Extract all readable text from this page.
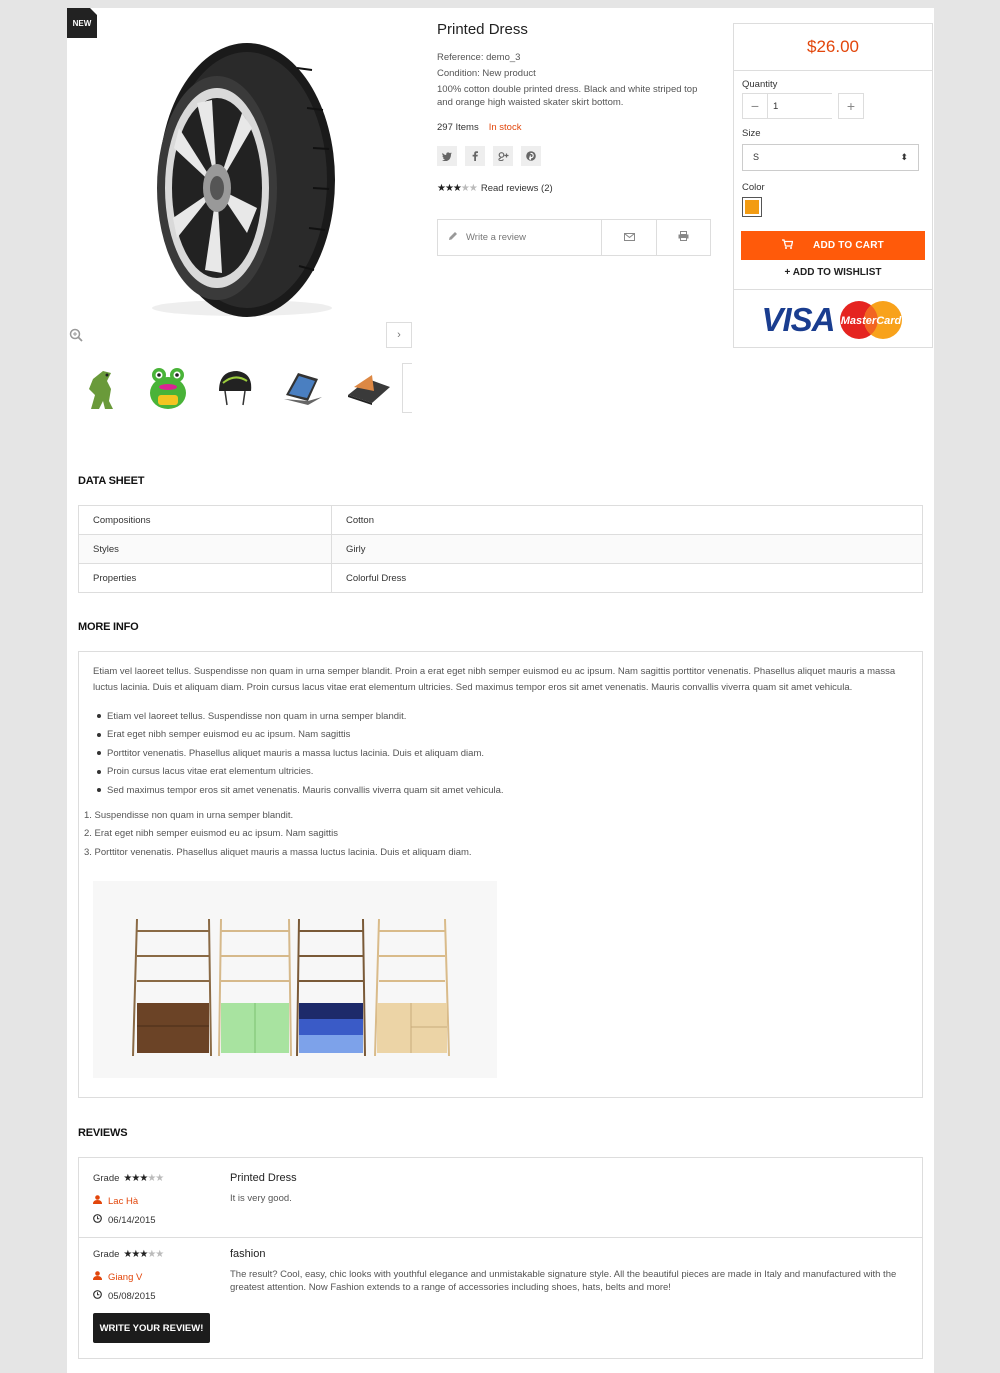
NEW
›
Printed Dress
Reference: demo_3
Condition: New product
100% cotton double printed dress. Black and white striped top and orange high waisted skater skirt bottom.
297 Items In stock
★★★★★ Read reviews (2)
Write a review
$26.00
Quantity
−	1	+
Size
S	⬍
Color
ADD TO CART
+ ADD TO WISHLIST
VISA MasterCard
DATA SHEET
Compositions	Cotton
Styles	Girly
Properties	Colorful Dress
MORE INFO
Etiam vel laoreet tellus. Suspendisse non quam in urna semper blandit. Proin a erat eget nibh semper euismod eu ac ipsum. Nam sagittis porttitor venenatis. Phasellus aliquet mauris a massa luctus lacinia. Duis et aliquam diam. Proin cursus lacus vitae erat elementum ultricies. Sed maximus tempor eros sit amet venenatis. Mauris convallis viverra quam sit amet vehicula.
Etiam vel laoreet tellus. Suspendisse non quam in urna semper blandit.
Erat eget nibh semper euismod eu ac ipsum. Nam sagittis
Porttitor venenatis. Phasellus aliquet mauris a massa luctus lacinia. Duis et aliquam diam.
Proin cursus lacus vitae erat elementum ultricies.
Sed maximus tempor eros sit amet venenatis. Mauris convallis viverra quam sit amet vehicula.
1. Suspendisse non quam in urna semper blandit.
2. Erat eget nibh semper euismod eu ac ipsum. Nam sagittis
3. Porttitor venenatis. Phasellus aliquet mauris a massa luctus lacinia. Duis et aliquam diam.
REVIEWS
Grade ★★★★★
Lac Hà
06/14/2015
Printed Dress
It is very good.
Grade ★★★★★
Giang V
05/08/2015
fashion
The result? Cool, easy, chic looks with youthful elegance and unmistakable signature style. All the beautiful pieces are made in Italy and manufactured with the greatest attention. Now Fashion extends to a range of accessories including shoes, hats, belts and more!
WRITE YOUR REVIEW!
